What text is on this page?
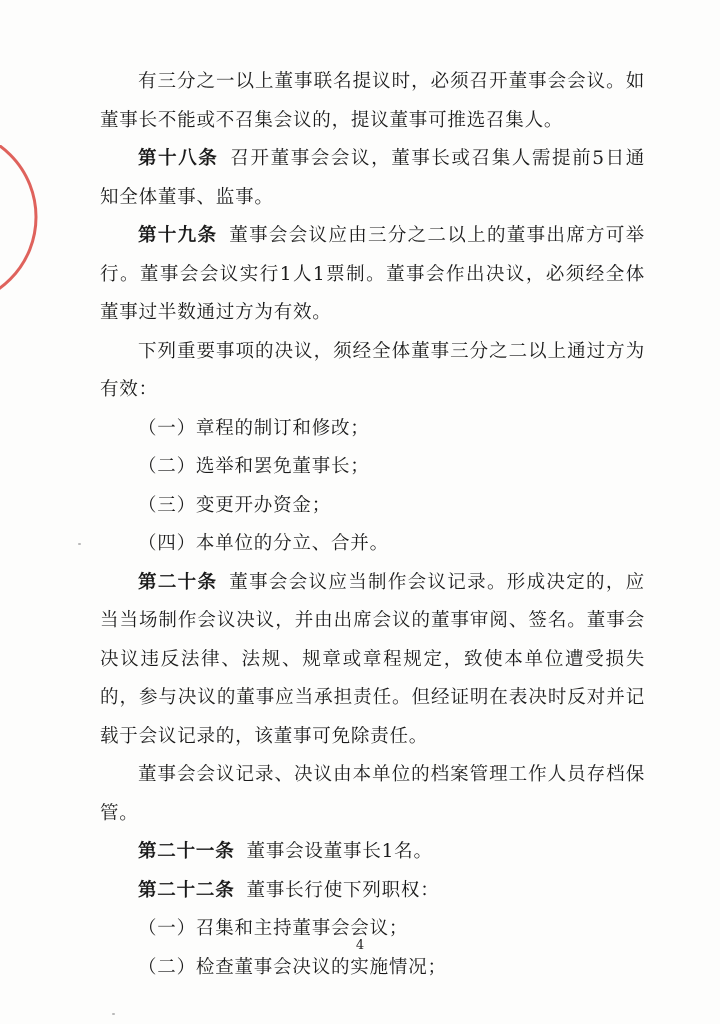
有三分之一以上董事联名提议时，必须召开董事会会议。如董事长不能或不召集会议的，提议董事可推选召集人。

第十八条 召开董事会会议，董事长或召集人需提前5日通知全体董事、监事。

第十九条 董事会会议应由三分之二以上的董事出席方可举行。董事会会议实行1人1票制。董事会作出决议，必须经全体董事过半数通过方为有效。

下列重要事项的决议，须经全体董事三分之二以上通过方为有效：

（一）章程的制订和修改；

（二）选举和罢免董事长；

（三）变更开办资金；

（四）本单位的分立、合并。

第二十条 董事会会议应当制作会议记录。形成决定的，应当当场制作会议决议，并由出席会议的董事审阅、签名。董事会决议违反法律、法规、规章或章程规定，致使本单位遭受损失的，参与决议的董事应当承担责任。但经证明在表决时反对并记载于会议记录的，该董事可免除责任。

董事会会议记录、决议由本单位的档案管理工作人员存档保管。

第二十一条 董事会设董事长1名。

第二十二条 董事长行使下列职权：

（一）召集和主持董事会会议；

（二）检查董事会决议的实施情况；

4
